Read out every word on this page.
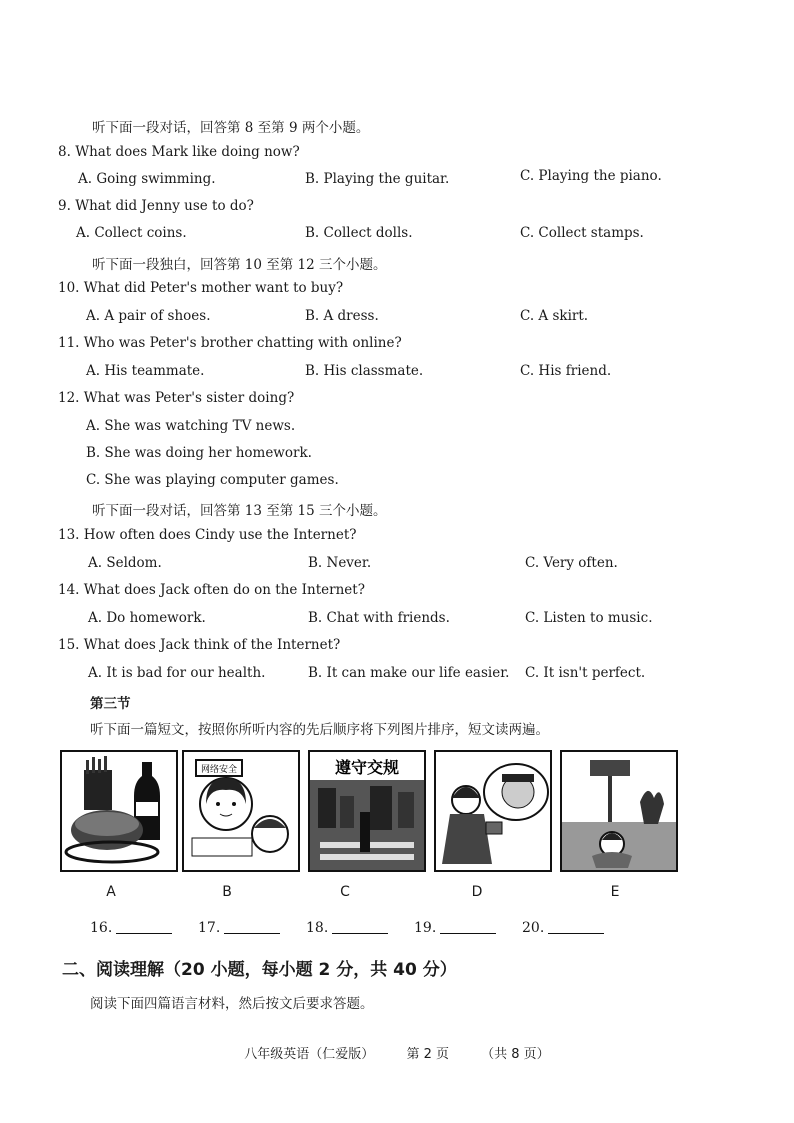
听下面一段对话，回答第 8 至第 9 两个小题。
8. What does Mark like doing now?
A. Going swimming.	B. Playing the guitar.	C. Playing the piano.
9. What did Jenny use to do?
A. Collect coins.	B. Collect dolls.	C. Collect stamps.
听下面一段独白，回答第 10 至第 12 三个小题。
10. What did Peter's mother want to buy?
A. A pair of shoes.	B. A dress.	C. A skirt.
11. Who was Peter's brother chatting with online?
A. His teammate.	B. His classmate.	C. His friend.
12. What was Peter's sister doing?
A. She was watching TV news.
B. She was doing her homework.
C. She was playing computer games.
听下面一段对话，回答第 13 至第 15 三个小题。
13. How often does Cindy use the Internet?
A. Seldom.	B. Never.	C. Very often.
14. What does Jack often do on the Internet?
A. Do homework.	B. Chat with friends.	C. Listen to music.
15. What does Jack think of the Internet?
A. It is bad for our health.	B. It can make our life easier. C. It isn't perfect.
第三节
听下面一篇短文，按照你所听内容的先后顺序将下列图片排序，短文读两遍。
网络安全	遵守交规
A	B	C	D	E
16.	17.	18.	19.	20.
二、阅读理解（20 小题，每小题 2 分，共 40 分）
阅读下面四篇语言材料，然后按文后要求答题。
八年级英语（仁爱版） 第 2 页 （共 8 页）
